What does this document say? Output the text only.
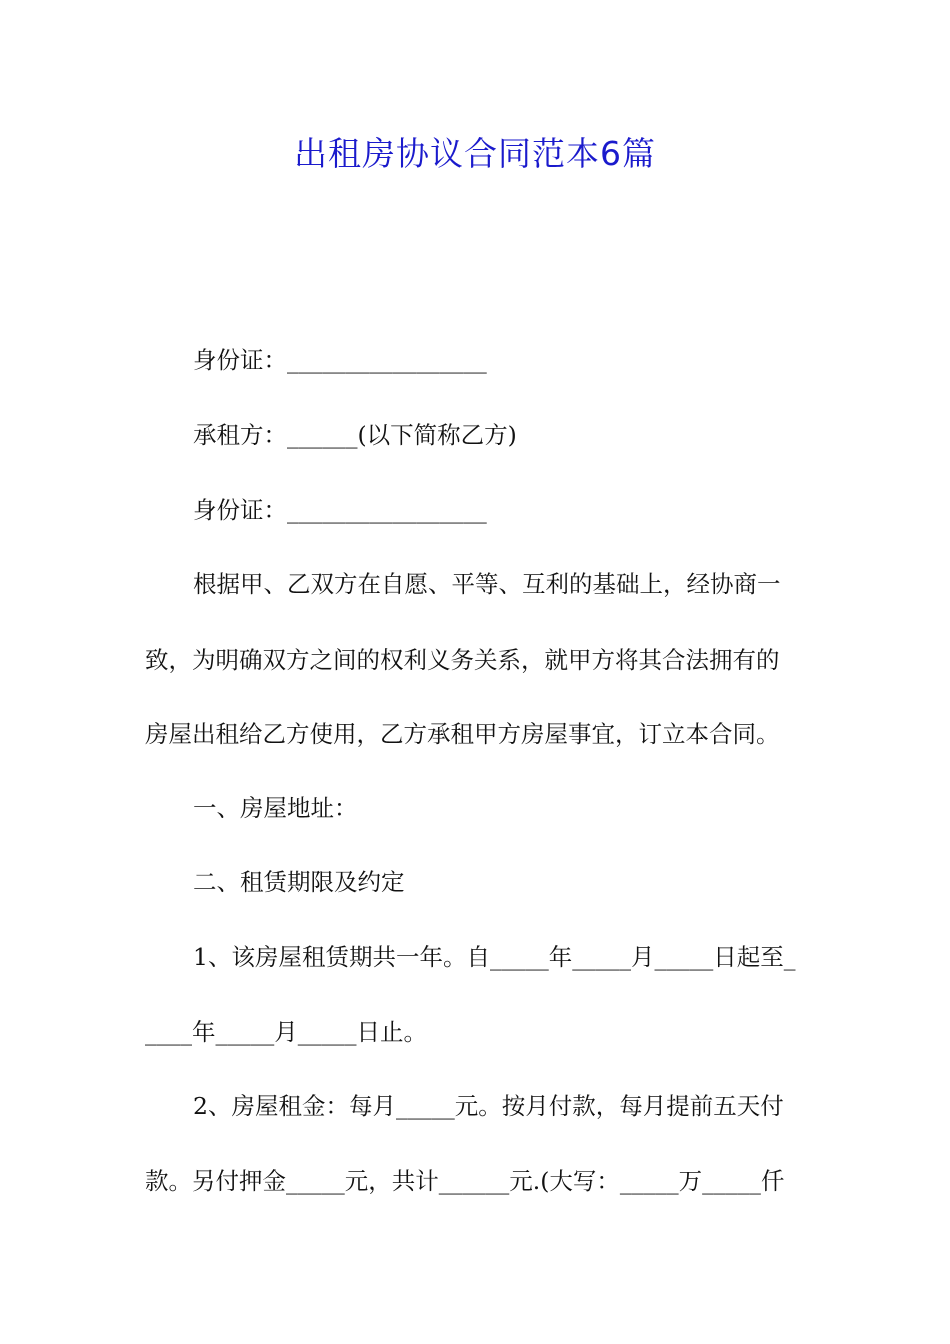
出租房协议合同范本6篇
身份证：_________________
承租方：______(以下简称乙方)
身份证：_________________
根据甲、乙双方在自愿、平等、互利的基础上，经协商一
致，为明确双方之间的权利义务关系，就甲方将其合法拥有的
房屋出租给乙方使用，乙方承租甲方房屋事宜，订立本合同。
一、房屋地址：
二、租赁期限及约定
1、该房屋租赁期共一年。自_____年_____月_____日起至_
____年_____月_____日止。
2、房屋租金：每月_____元。按月付款，每月提前五天付
款。另付押金_____元，共计______元.(大写：_____万_____仟
